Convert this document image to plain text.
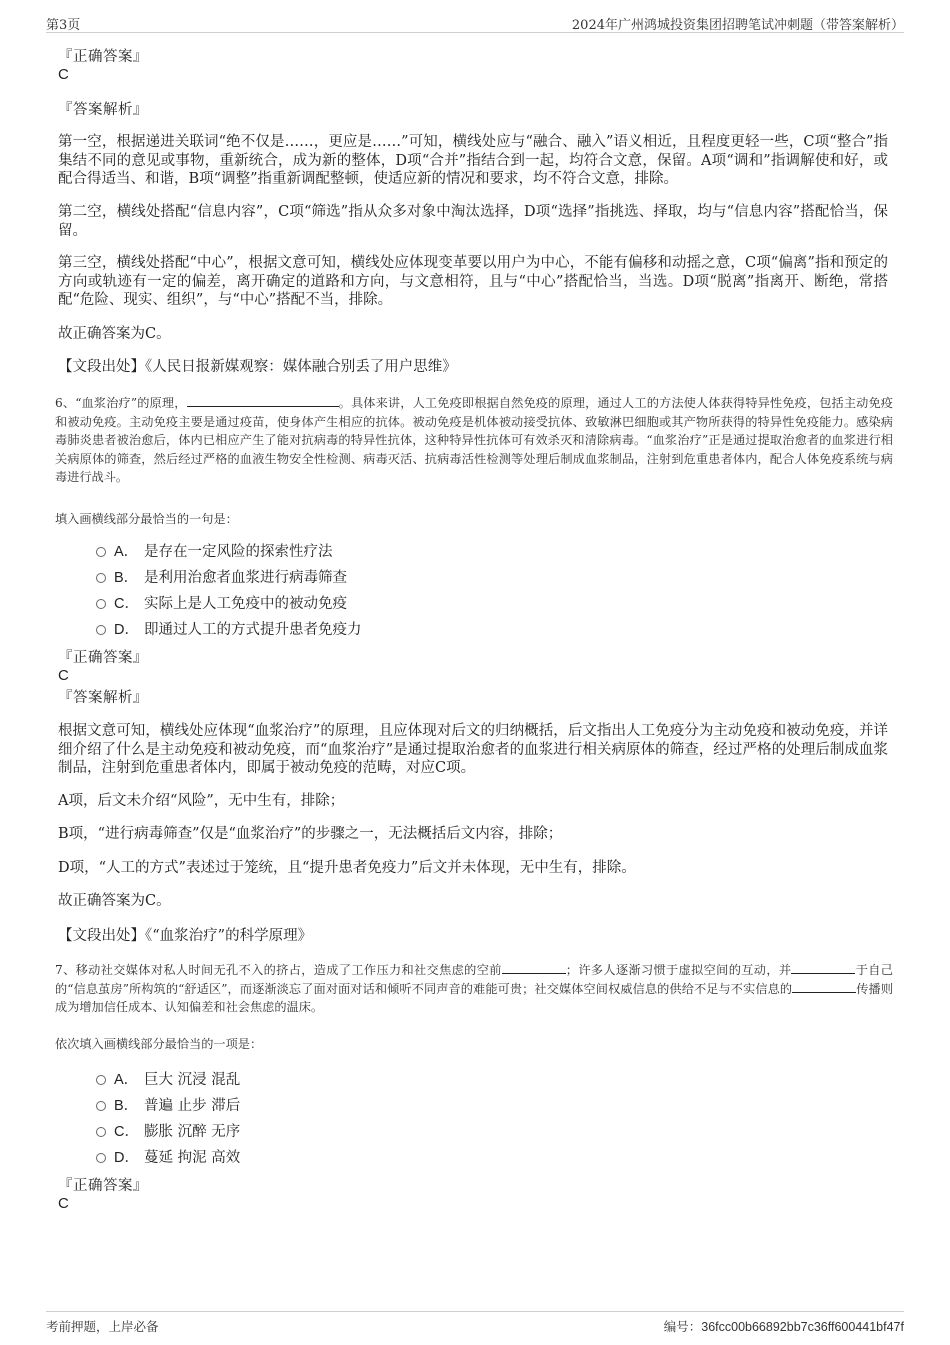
第3页	2024年广州鸿城投资集团招聘笔试冲刺题（带答案解析）
『正确答案』
C
『答案解析』
第一空，根据递进关联词“绝不仅是……，更应是……”可知，横线处应与“融合、融入”语义相近，且程度更轻一些，C项“整合”指集结不同的意见或事物，重新统合，成为新的整体，D项“合并”指结合到一起，均符合文意，保留。A项“调和”指调解使和好，或配合得适当、和谐，B项“调整”指重新调配整顿，使适应新的情况和要求，均不符合文意，排除。
第二空，横线处搭配“信息内容”，C项“筛选”指从众多对象中淘汰选择，D项“选择”指挑选、择取，均与“信息内容”搭配恰当，保留。
第三空，横线处搭配“中心”，根据文意可知，横线处应体现变革要以用户为中心，不能有偏移和动摇之意，C项“偏离”指和预定的方向或轨迹有一定的偏差，离开确定的道路和方向，与文意相符，且与“中心”搭配恰当，当选。D项“脱离”指离开、断绝，常搭配“危险、现实、组织”，与“中心”搭配不当，排除。
故正确答案为C。
【文段出处】《人民日报新媒观察：媒体融合别丢了用户思维》
6、“血浆治疗”的原理，	。具体来讲，人工免疫即根据自然免疫的原理，通过人工的方法使人体获得特异性免疫，包括主动免疫和被动免疫。主动免疫主要是通过疫苗，使身体产生相应的抗体。被动免疫是机体被动接受抗体、致敏淋巴细胞或其产物所获得的特异性免疫能力。感染病毒肺炎患者被治愈后，体内已相应产生了能对抗病毒的特异性抗体，这种特异性抗体可有效杀灭和清除病毒。“血浆治疗”正是通过提取治愈者的血浆进行相关病原体的筛查，然后经过严格的血液生物安全性检测、病毒灭活、抗病毒活性检测等处理后制成血浆制品，注射到危重患者体内，配合人体免疫系统与病毒进行战斗。
填入画横线部分最恰当的一句是：
A． 是存在一定风险的探索性疗法
B． 是利用治愈者血浆进行病毒筛查
C． 实际上是人工免疫中的被动免疫
D． 即通过人工的方式提升患者免疫力
『正确答案』
C
『答案解析』
根据文意可知，横线处应体现“血浆治疗”的原理，且应体现对后文的归纳概括，后文指出人工免疫分为主动免疫和被动免疫，并详细介绍了什么是主动免疫和被动免疫，而“血浆治疗”是通过提取治愈者的血浆进行相关病原体的筛查，经过严格的处理后制成血浆制品，注射到危重患者体内，即属于被动免疫的范畴，对应C项。
A项，后文未介绍“风险”，无中生有，排除；
B项，“进行病毒筛查”仅是“血浆治疗”的步骤之一，无法概括后文内容，排除；
D项，“人工的方式”表述过于笼统，且“提升患者免疫力”后文并未体现，无中生有，排除。
故正确答案为C。
【文段出处】《“血浆治疗”的科学原理》
7、移动社交媒体对私人时间无孔不入的挤占，造成了工作压力和社交焦虑的空前	；许多人逐渐习惯于虚拟空间的互动，并	于自己的“信息茧房”所构筑的“舒适区”，而逐渐淡忘了面对面对话和倾听不同声音的难能可贵；社交媒体空间权威信息的供给不足与不实信息的	传播则成为增加信任成本、认知偏差和社会焦虑的温床。
依次填入画横线部分最恰当的一项是：
A． 巨大 沉浸 混乱
B． 普遍 止步 滞后
C． 膨胀 沉醉 无序
D． 蔓延 拘泥 高效
『正确答案』
C
考前押题，上岸必备	编号：36fcc00b66892bb7c36ff600441bf47f
